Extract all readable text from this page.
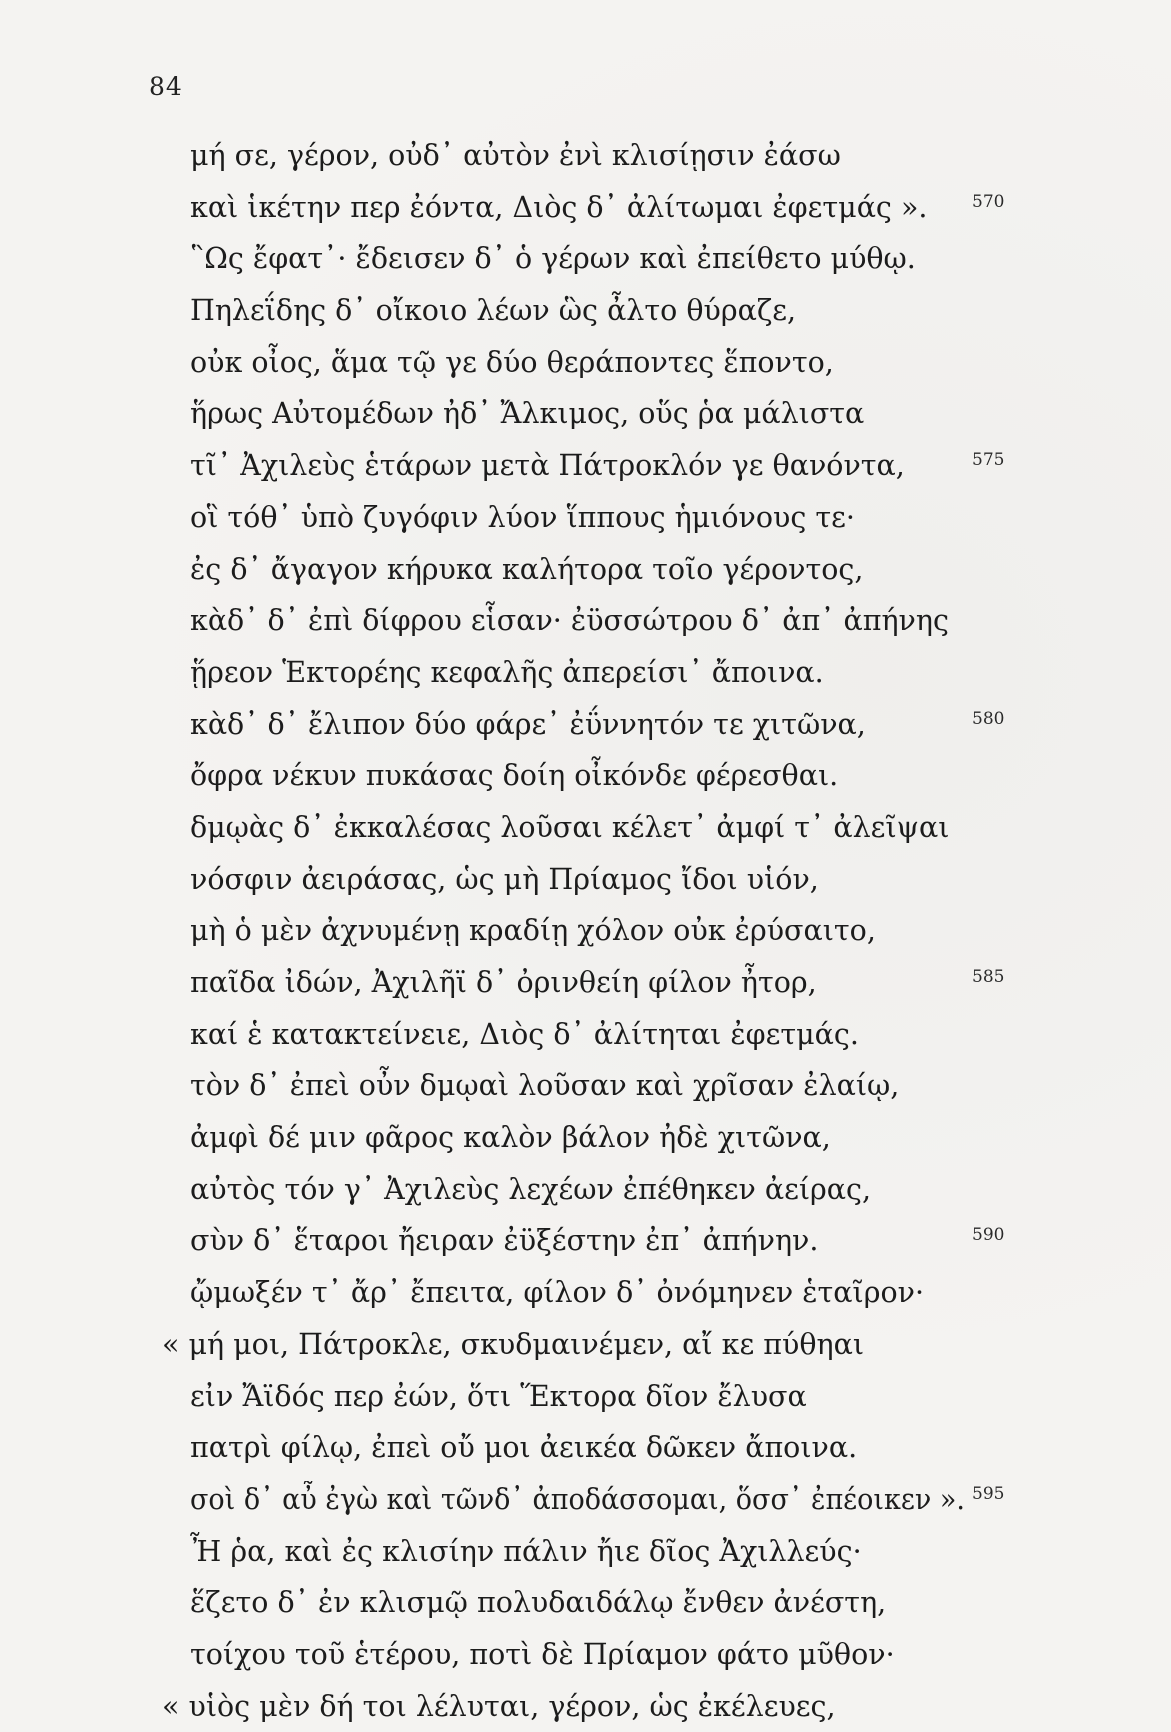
84
μή σε, γέρον, οὐδ᾽ αὐτὸν ἐνὶ κλισίῃσιν ἐάσω
καὶ ἱκέτην περ ἐόντα, Διὸς δ᾽ ἀλίτωμαι ἐφετμάς ».	570
῝Ως ἔφατ᾽· ἔδεισεν δ᾽ ὁ γέρων καὶ ἐπείθετο μύθῳ.
Πηλεΐδης δ᾽ οἴκοιο λέων ὣς ἆλτο θύραζε,
οὐκ οἶος, ἅμα τῷ γε δύο θεράποντες ἕποντο,
ἥρως Αὐτομέδων ἠδ᾽ Ἄλκιμος, οὕς ῥα μάλιστα
τῖ᾽ Ἀχιλεὺς ἑτάρων μετὰ Πάτροκλόν γε θανόντα,	575
οἳ τόθ᾽ ὑπὸ ζυγόφιν λύον ἵππους ἡμιόνους τε·
ἐς δ᾽ ἄγαγον κήρυκα καλήτορα τοῖο γέροντος,
κὰδ᾽ δ᾽ ἐπὶ δίφρου εἷσαν· ἐϋσσώτρου δ᾽ ἀπ᾽ ἀπήνης
ᾕρεον Ἑκτορέης κεφαλῆς ἀπερείσι᾽ ἄποινα.
κὰδ᾽ δ᾽ ἔλιπον δύο φάρε᾽ ἐΰννητόν τε χιτῶνα,	580
ὄφρα νέκυν πυκάσας δοίη οἶκόνδε φέρεσθαι.
δμῳὰς δ᾽ ἐκκαλέσας λοῦσαι κέλετ᾽ ἀμφί τ᾽ ἀλεῖψαι
νόσφιν ἀειράσας, ὡς μὴ Πρίαμος ἴδοι υἱόν,
μὴ ὁ μὲν ἀχνυμένῃ κραδίῃ χόλον οὐκ ἐρύσαιτο,
παῖδα ἰδών, Ἀχιλῆϊ δ᾽ ὀρινθείη φίλον ἦτορ,	585
καί ἑ κατακτείνειε, Διὸς δ᾽ ἀλίτηται ἐφετμάς.
τὸν δ᾽ ἐπεὶ οὖν δμῳαὶ λοῦσαν καὶ χρῖσαν ἐλαίῳ,
ἀμφὶ δέ μιν φᾶρος καλὸν βάλον ἠδὲ χιτῶνα,
αὐτὸς τόν γ᾽ Ἀχιλεὺς λεχέων ἐπέθηκεν ἀείρας,
σὺν δ᾽ ἕταροι ἤειραν ἐϋξέστην ἐπ᾽ ἀπήνην.	590
ᾤμωξέν τ᾽ ἄρ᾽ ἔπειτα, φίλον δ᾽ ὀνόμηνεν ἑταῖρον·
« μή μοι, Πάτροκλε, σκυδμαινέμεν, αἴ κε πύθηαι
εἰν Ἄϊδός περ ἐών, ὅτι Ἕκτορα δῖον ἔλυσα
πατρὶ φίλῳ, ἐπεὶ οὔ μοι ἀεικέα δῶκεν ἄποινα.
σοὶ δ᾽ αὖ ἐγὼ καὶ τῶνδ᾽ ἀποδάσσομαι, ὅσσ᾽ ἐπέοικεν ». 595
Ἦ ῥα, καὶ ἐς κλισίην πάλιν ἤιε δῖος Ἀχιλλεύς·
ἕζετο δ᾽ ἐν κλισμῷ πολυδαιδάλῳ ἔνθεν ἀνέστη,
τοίχου τοῦ ἑτέρου, ποτὶ δὲ Πρίαμον φάτο μῦθον·
« υἱὸς μὲν δή τοι λέλυται, γέρον, ὡς ἐκέλευες,
